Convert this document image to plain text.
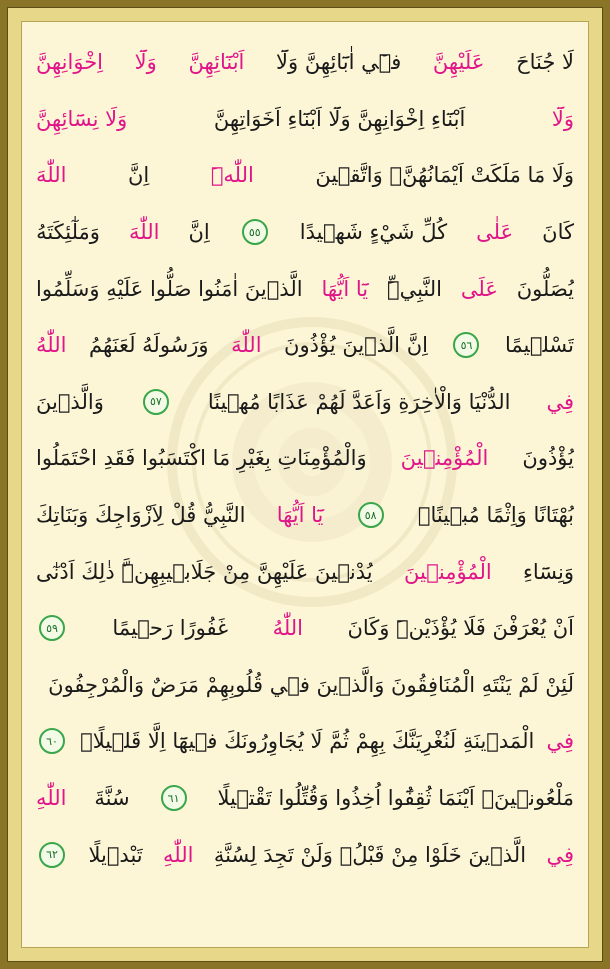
لَا جُنَاحَ
عَلَيْهِنَّ
فٖٓي اٰبَٓائِهِنَّ وَلَٓا
اَبْنَٓائِهِنَّ
وَلَٓا
اِخْوَانِهِنَّ
وَلَٓا
اَبْنَٓاءِ اِخْوَانِهِنَّ وَلَٓا اَبْنَٓاءِ اَخَوَاتِهِنَّ
وَلَا نِسَٓائِهِنَّ
وَلَا مَا مَلَكَتْ اَيْمَانُهُنَّۚ وَاتَّقٖينَ
اللّٰهَۜ
اِنَّ
اللّٰهَ
كَانَ
عَلٰى
كُلِّ شَيْءٍ شَهٖيدًا
٥٥
اِنَّ
اللّٰهَ
وَمَلٰٓئِكَتَهُ
يُصَلُّونَ
عَلَى
النَّبِيِّۜ
يَٓا اَيُّهَا
الَّذٖينَ اٰمَنُوا صَلُّوا عَلَيْهِ وَسَلِّمُوا
تَسْلٖيمًا
٥٦
اِنَّ الَّذٖينَ يُؤْذُونَ
اللّٰهَ
وَرَسُولَهُ لَعَنَهُمُ
اللّٰهُ
فِي
الدُّنْيَا وَالْاٰخِرَةِ وَاَعَدَّ لَهُمْ عَذَابًا مُهٖينًا
٥٧
وَالَّذٖينَ
يُؤْذُونَ
الْمُؤْمِنٖينَ
وَالْمُؤْمِنَاتِ بِغَيْرِ مَا اكْتَسَبُوا فَقَدِ احْتَمَلُوا
بُهْتَانًا وَاِثْمًا مُبٖينًاۜ
٥٨
يَٓا اَيُّهَا
النَّبِيُّ قُلْ لِاَزْوَاجِكَ وَبَنَاتِكَ
وَنِسَٓاءِ
الْمُؤْمِنٖينَ
يُدْنٖينَ عَلَيْهِنَّ مِنْ جَلَابٖيبِهِنَّۜ ذٰلِكَ اَدْنٰٓى
اَنْ يُعْرَفْنَ فَلَا يُؤْذَيْنَۜ وَكَانَ
اللّٰهُ
غَفُورًا رَحٖيمًا
٥٩
لَئِنْ لَمْ يَنْتَهِ الْمُنَافِقُونَ وَالَّذٖينَ فٖي قُلُوبِهِمْ مَرَضٌ وَالْمُرْجِفُونَ
فِي
الْمَدٖينَةِ لَنُغْرِيَنَّكَ بِهِمْ ثُمَّ لَا يُجَاوِرُونَكَ فٖيهَٓا اِلَّا قَلٖيلًاۚ
٦٠
مَلْعُونٖينَۚ اَيْنَمَا ثُقِفُٓوا اُخِذُوا وَقُتِّلُوا تَقْتٖيلًا
٦١
سُنَّةَ
اللّٰهِ
فِي
الَّذٖينَ خَلَوْا مِنْ قَبْلُۚ وَلَنْ تَجِدَ لِسُنَّةِ
اللّٰهِ
تَبْدٖيلًا
٦٢
